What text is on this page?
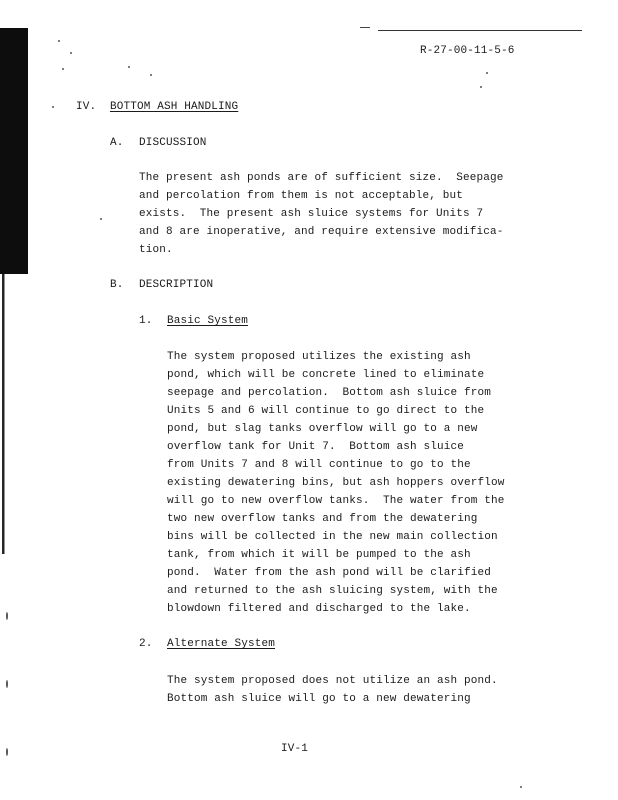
R-27-00-11-5-6
IV. BOTTOM ASH HANDLING
A. DISCUSSION
The present ash ponds are of sufficient size.  Seepage
and percolation from them is not acceptable, but
exists.  The present ash sluice systems for Units 7
and 8 are inoperative, and require extensive modifica-
tion.
B. DESCRIPTION
1. Basic System
The system proposed utilizes the existing ash
pond, which will be concrete lined to eliminate
seepage and percolation.  Bottom ash sluice from
Units 5 and 6 will continue to go direct to the
pond, but slag tanks overflow will go to a new
overflow tank for Unit 7.  Bottom ash sluice
from Units 7 and 8 will continue to go to the
existing dewatering bins, but ash hoppers overflow
will go to new overflow tanks.  The water from the
two new overflow tanks and from the dewatering
bins will be collected in the new main collection
tank, from which it will be pumped to the ash
pond.  Water from the ash pond will be clarified
and returned to the ash sluicing system, with the
blowdown filtered and discharged to the lake.
2. Alternate System
The system proposed does not utilize an ash pond.
Bottom ash sluice will go to a new dewatering
IV-1
